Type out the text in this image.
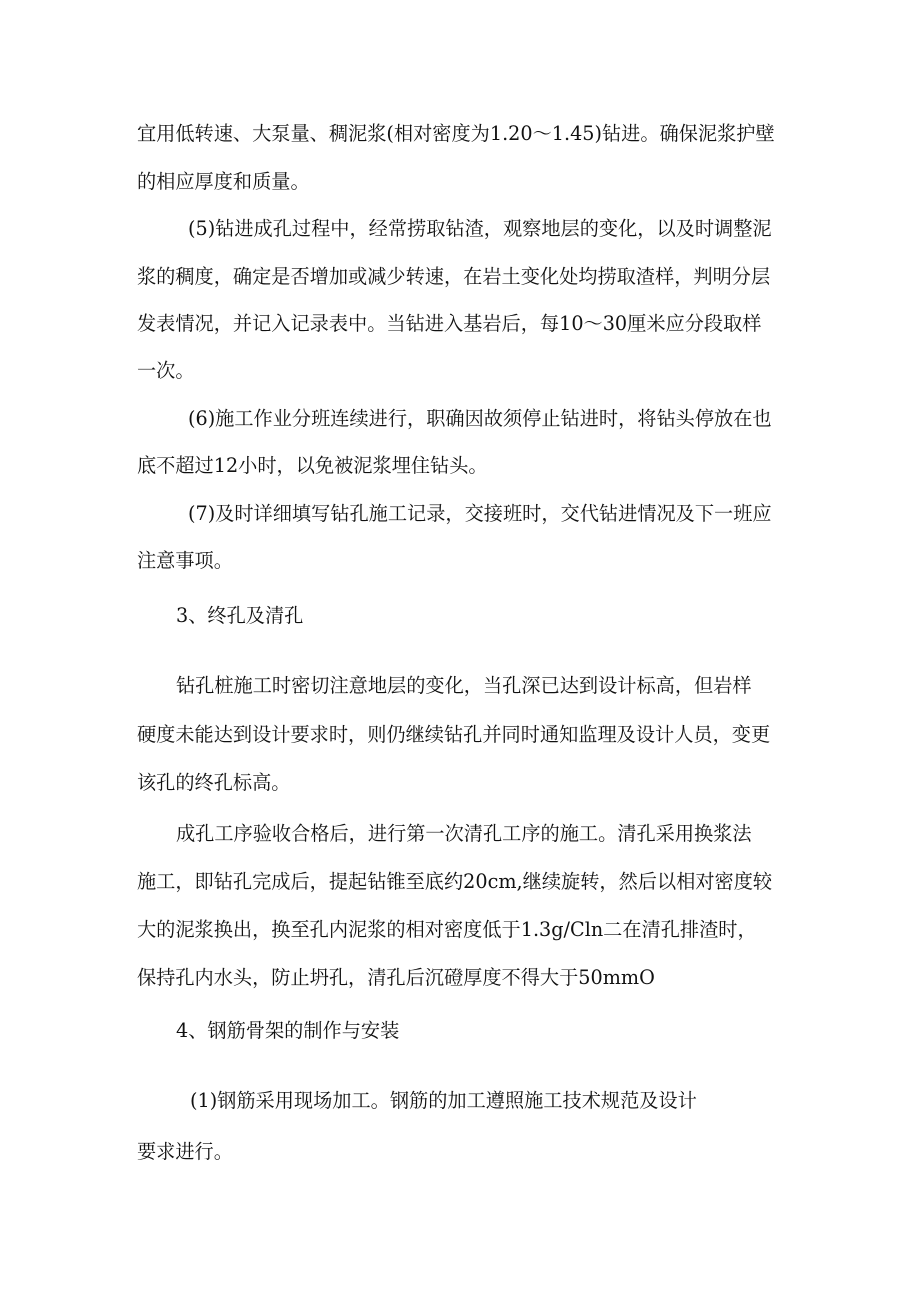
宜用低转速、大泵量、稠泥浆(相对密度为1.20～1.45)钻进。确保泥浆护壁
的相应厚度和质量。
(5)钻进成孔过程中，经常捞取钻渣，观察地层的变化，以及时调整泥
浆的稠度，确定是否增加或减少转速，在岩土变化处均捞取渣样，判明分层
发表情况，并记入记录表中。当钻进入基岩后，每10～30厘米应分段取样
一次。
(6)施工作业分班连续进行，职确因故须停止钻进时，将钻头停放在也
底不超过12小时，以免被泥浆埋住钻头。
(7)及时详细填写钻孔施工记录，交接班时，交代钻进情况及下一班应
注意事项。
3、终孔及清孔
钻孔桩施工时密切注意地层的变化，当孔深已达到设计标高，但岩样
硬度未能达到设计要求时，则仍继续钻孔并同时通知监理及设计人员，变更
该孔的终孔标高。
成孔工序验收合格后，进行第一次清孔工序的施工。清孔采用换浆法
施工，即钻孔完成后，提起钻锥至底约20cm,继续旋转，然后以相对密度较
大的泥浆换出，换至孔内泥浆的相对密度低于1.3g/Cln二在清孔排渣时，
保持孔内水头，防止坍孔，清孔后沉磴厚度不得大于50mmO
4、钢筋骨架的制作与安装
(1)钢筋采用现场加工。钢筋的加工遵照施工技术规范及设计
要求进行。
